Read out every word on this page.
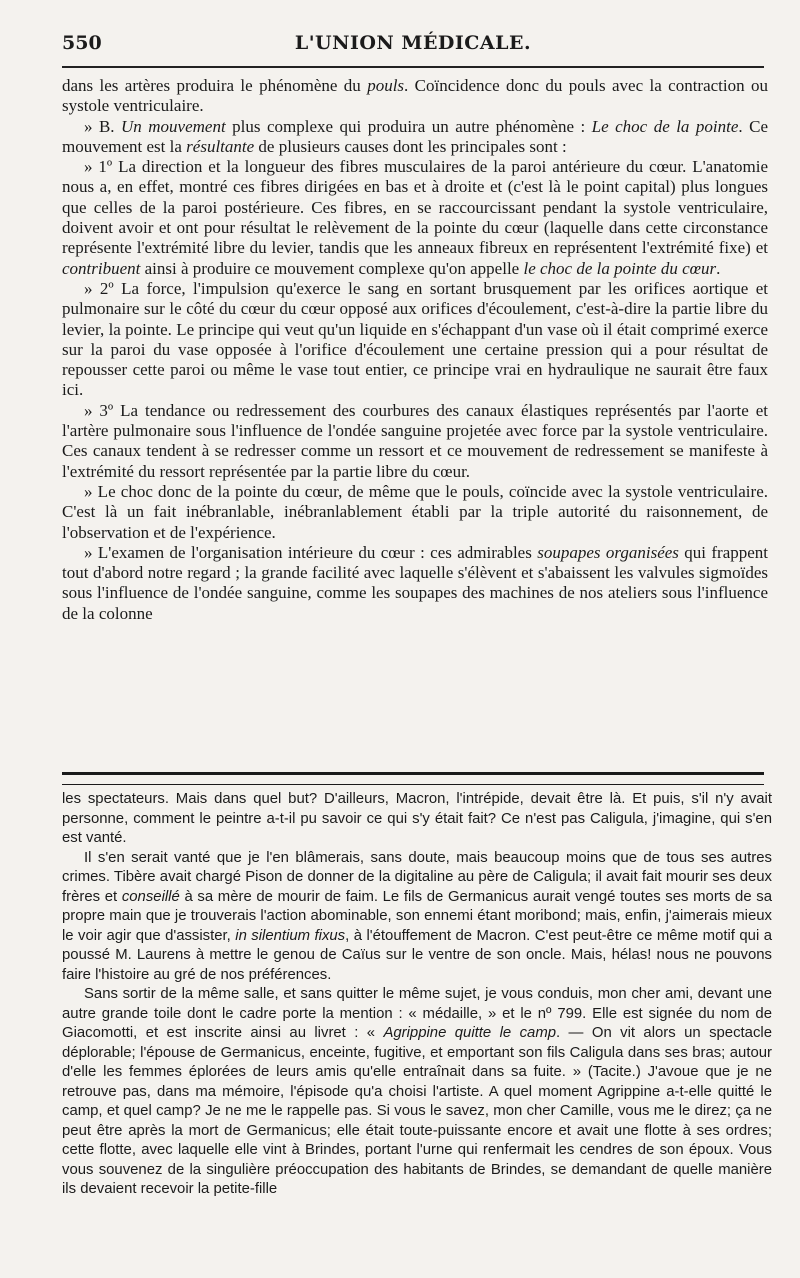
550	L'UNION MÉDICALE.

dans les artères produira le phénomène du pouls. Coïncidence donc du pouls avec la contraction ou systole ventriculaire.

» B. Un mouvement plus complexe qui produira un autre phénomène : Le choc de la pointe. Ce mouvement est la résultante de plusieurs causes dont les principales sont :

» 1º La direction et la longueur des fibres musculaires de la paroi antérieure du cœur. L'anatomie nous a, en effet, montré ces fibres dirigées en bas et à droite et (c'est là le point capital) plus longues que celles de la paroi postérieure. Ces fibres, en se raccourcissant pendant la systole ventriculaire, doivent avoir et ont pour résultat le relèvement de la pointe du cœur (laquelle dans cette circonstance représente l'extrémité libre du levier, tandis que les anneaux fibreux en représentent l'extrémité fixe) et contribuent ainsi à produire ce mouvement complexe qu'on appelle le choc de la pointe du cœur.

» 2º La force, l'impulsion qu'exerce le sang en sortant brusquement par les orifices aortique et pulmonaire sur le côté du cœur du cœur opposé aux orifices d'écoulement, c'est-à-dire la partie libre du levier, la pointe. Le principe qui veut qu'un liquide en s'échappant d'un vase où il était comprimé exerce sur la paroi du vase opposée à l'orifice d'écoulement une certaine pression qui a pour résultat de repousser cette paroi ou même le vase tout entier, ce principe vrai en hydraulique ne saurait être faux ici.

» 3º La tendance ou redressement des courbures des canaux élastiques représentés par l'aorte et l'artère pulmonaire sous l'influence de l'ondée sanguine projetée avec force par la systole ventriculaire. Ces canaux tendent à se redresser comme un ressort et ce mouvement de redressement se manifeste à l'extrémité du ressort représentée par la partie libre du cœur.

» Le choc donc de la pointe du cœur, de même que le pouls, coïncide avec la systole ventriculaire. C'est là un fait inébranlable, inébranlablement établi par la triple autorité du raisonnement, de l'observation et de l'expérience.

» L'examen de l'organisation intérieure du cœur : ces admirables soupapes organisées qui frappent tout d'abord notre regard ; la grande facilité avec laquelle s'élèvent et s'abaissent les valvules sigmoïdes sous l'influence de l'ondée sanguine, comme les soupapes des machines de nos ateliers sous l'influence de la colonne

les spectateurs. Mais dans quel but? D'ailleurs, Macron, l'intrépide, devait être là. Et puis, s'il n'y avait personne, comment le peintre a-t-il pu savoir ce qui s'y était fait? Ce n'est pas Caligula, j'imagine, qui s'en est vanté.

Il s'en serait vanté que je l'en blâmerais, sans doute, mais beaucoup moins que de tous ses autres crimes. Tibère avait chargé Pison de donner de la digitaline au père de Caligula; il avait fait mourir ses deux frères et conseillé à sa mère de mourir de faim. Le fils de Germanicus aurait vengé toutes ses morts de sa propre main que je trouverais l'action abominable, son ennemi étant moribond; mais, enfin, j'aimerais mieux le voir agir que d'assister, in silentium fixus, à l'étouffement de Macron. C'est peut-être ce même motif qui a poussé M. Laurens à mettre le genou de Caïus sur le ventre de son oncle. Mais, hélas! nous ne pouvons faire l'histoire au gré de nos préférences.

Sans sortir de la même salle, et sans quitter le même sujet, je vous conduis, mon cher ami, devant une autre grande toile dont le cadre porte la mention : « médaille, » et le nº 799. Elle est signée du nom de Giacomotti, et est inscrite ainsi au livret : « Agrippine quitte le camp. — On vit alors un spectacle déplorable; l'épouse de Germanicus, enceinte, fugitive, et emportant son fils Caligula dans ses bras; autour d'elle les femmes éplorées de leurs amis qu'elle entraînait dans sa fuite. » (Tacite.) J'avoue que je ne retrouve pas, dans ma mémoire, l'épisode qu'a choisi l'artiste. A quel moment Agrippine a-t-elle quitté le camp, et quel camp? Je ne me le rappelle pas. Si vous le savez, mon cher Camille, vous me le direz; ça ne peut être après la mort de Germanicus; elle était toute-puissante encore et avait une flotte à ses ordres; cette flotte, avec laquelle elle vint à Brindes, portant l'urne qui renfermait les cendres de son époux. Vous vous souvenez de la singulière préoccupation des habitants de Brindes, se demandant de quelle manière ils devaient recevoir la petite-fille
